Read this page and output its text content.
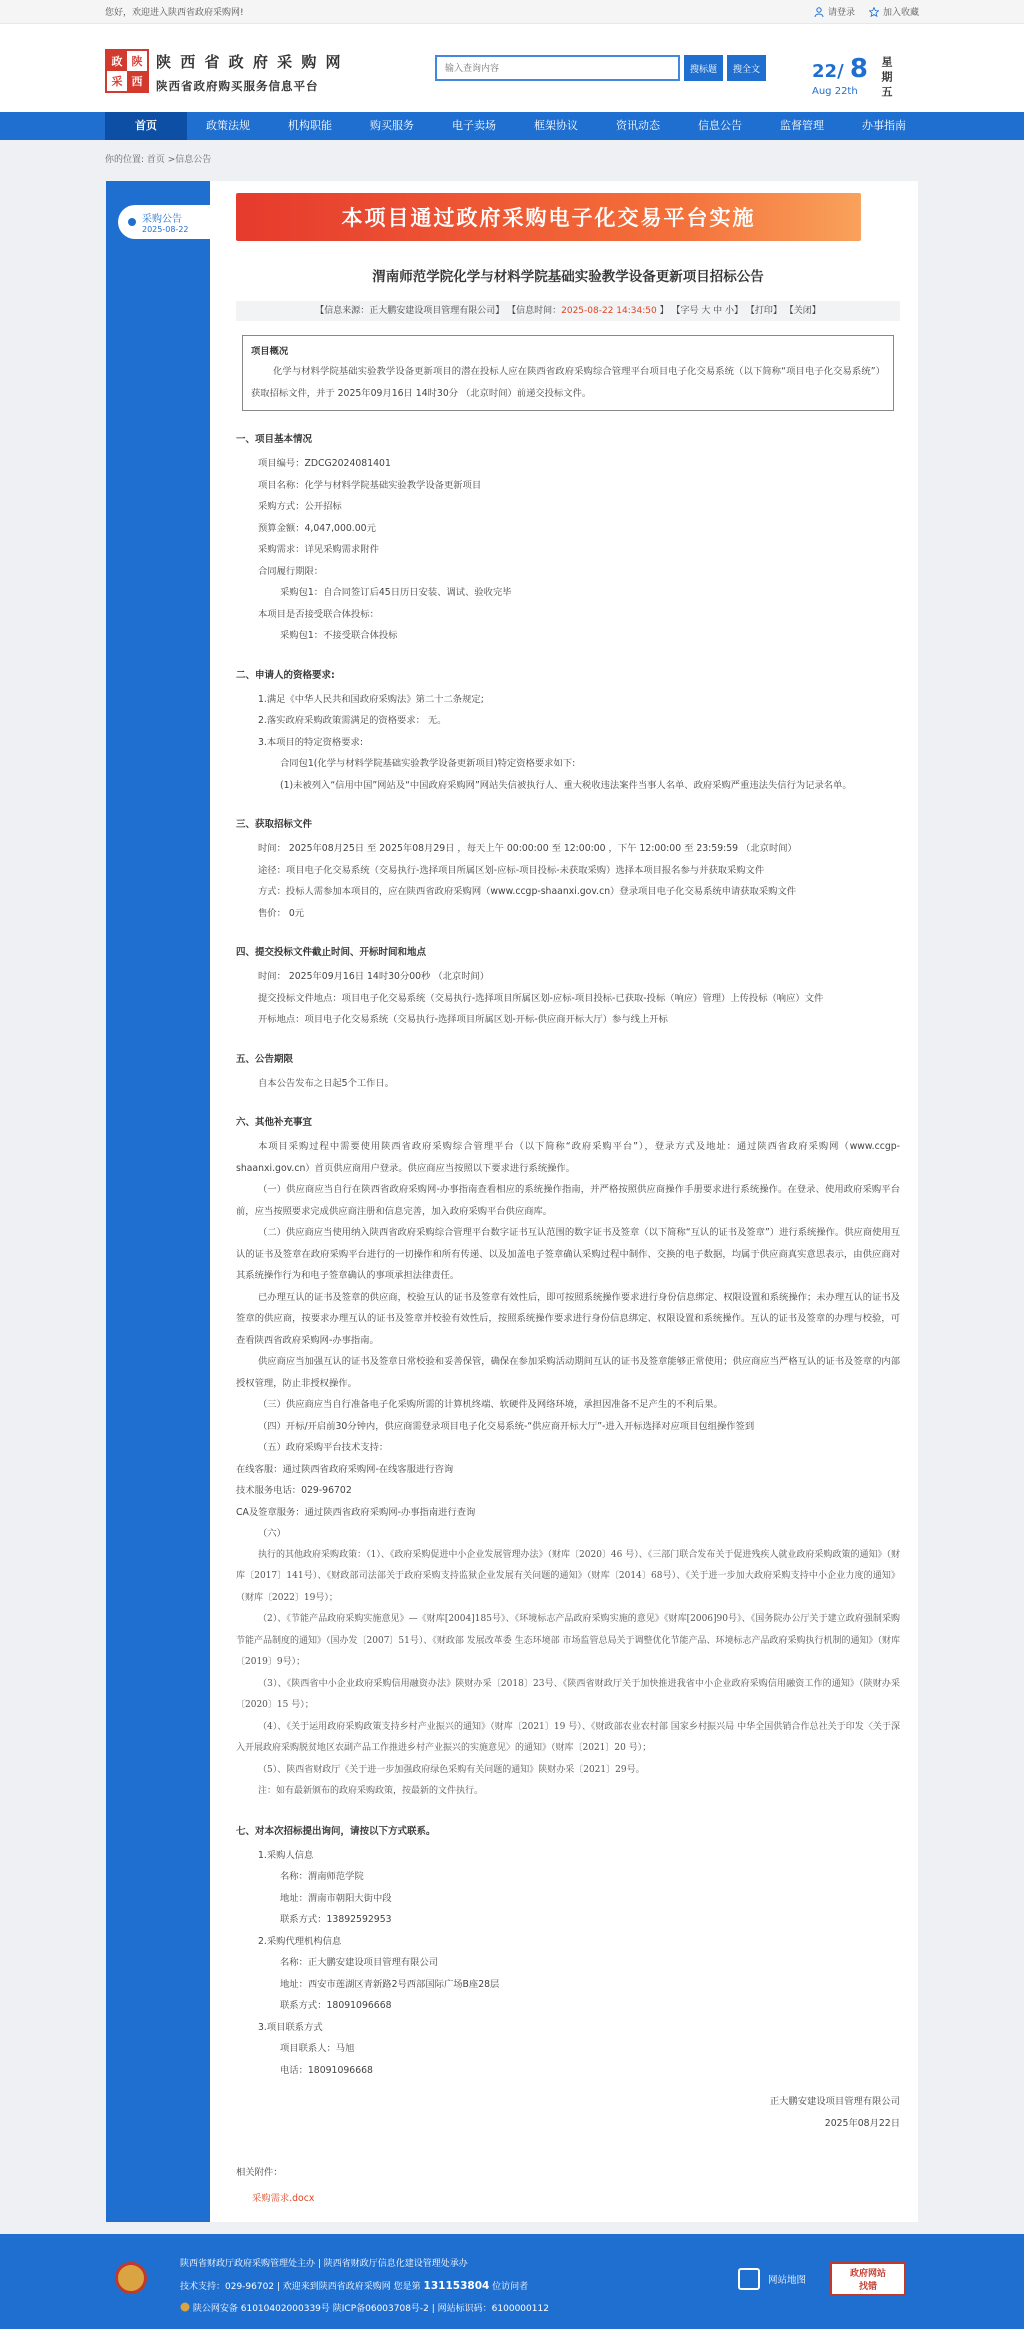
您好，欢迎进入陕西省政府采购网!	请登录	加入收藏
政 陕
采 西
陕 西 省 政 府 采 购 网
陕西省政府购买服务信息平台
输入查询内容
搜标题	搜全文	22/ 8
Aug 22th	星期五
首页	政策法规	机构职能	购买服务	电子卖场	框架协议	资讯动态	信息公告	监督管理	办事指南
你的位置: 首页 >信息公告
采购公告
2025-08-22	本项目通过政府采购电子化交易平台实施
渭南师范学院化学与材料学院基础实验教学设备更新项目招标公告
【信息来源：正大鹏安建设项目管理有限公司】 【信息时间：2025-08-22 14:34:50 】 【字号 大 中 小】 【打印】 【关闭】
项目概况
化学与材料学院基础实验教学设备更新项目的潜在投标人应在陕西省政府采购综合管理平台项目电子化交易系统（以下简称“项目电子化交易系统”）获取招标文件，并于 2025年09月16日 14时30分 （北京时间）前递交投标文件。
一、项目基本情况
项目编号：ZDCG2024081401
项目名称：化学与材料学院基础实验教学设备更新项目
采购方式：公开招标
预算金额：4,047,000.00元
采购需求：详见采购需求附件
合同履行期限：
采购包1：自合同签订后45日历日安装、调试、验收完毕
本项目是否接受联合体投标：
采购包1：不接受联合体投标
二、申请人的资格要求:
1.满足《中华人民共和国政府采购法》第二十二条规定;
2.落实政府采购政策需满足的资格要求： 无。
3.本项目的特定资格要求:
合同包1(化学与材料学院基础实验教学设备更新项目)特定资格要求如下:
(1)未被列入“信用中国”网站及“中国政府采购网”网站失信被执行人、重大税收违法案件当事人名单、政府采购严重违法失信行为记录名单。
三、获取招标文件
时间： 2025年08月25日 至 2025年08月29日 ，每天上午 00:00:00 至 12:00:00 ，下午 12:00:00 至 23:59:59 （北京时间）
途径：项目电子化交易系统（交易执行-选择项目所属区划-应标-项目投标-未获取采购）选择本项目报名参与并获取采购文件
方式：投标人需参加本项目的，应在陕西省政府采购网（www.ccgp-shaanxi.gov.cn）登录项目电子化交易系统申请获取采购文件
售价： 0元
四、提交投标文件截止时间、开标时间和地点
时间： 2025年09月16日 14时30分00秒 （北京时间）
提交投标文件地点：项目电子化交易系统（交易执行-选择项目所属区划-应标-项目投标-已获取-投标（响应）管理）上传投标（响应）文件
开标地点：项目电子化交易系统（交易执行-选择项目所属区划-开标-供应商开标大厅）参与线上开标
五、公告期限
自本公告发布之日起5个工作日。
六、其他补充事宜
本项目采购过程中需要使用陕西省政府采购综合管理平台（以下简称“政府采购平台”），登录方式及地址：通过陕西省政府采购网（www.ccgp-shaanxi.gov.cn）首页供应商用户登录。供应商应当按照以下要求进行系统操作。
（一）供应商应当自行在陕西省政府采购网-办事指南查看相应的系统操作指南，并严格按照供应商操作手册要求进行系统操作。在登录、使用政府采购平台前，应当按照要求完成供应商注册和信息完善，加入政府采购平台供应商库。
（二）供应商应当使用纳入陕西省政府采购综合管理平台数字证书互认范围的数字证书及签章（以下简称“互认的证书及签章”）进行系统操作。供应商使用互认的证书及签章在政府采购平台进行的一切操作和所有传递、以及加盖电子签章确认采购过程中制作、交换的电子数据，均属于供应商真实意思表示，由供应商对其系统操作行为和电子签章确认的事项承担法律责任。
已办理互认的证书及签章的供应商，校验互认的证书及签章有效性后，即可按照系统操作要求进行身份信息绑定、权限设置和系统操作；未办理互认的证书及签章的供应商，按要求办理互认的证书及签章并校验有效性后，按照系统操作要求进行身份信息绑定、权限设置和系统操作。互认的证书及签章的办理与校验，可查看陕西省政府采购网-办事指南。
供应商应当加强互认的证书及签章日常校验和妥善保管，确保在参加采购活动期间互认的证书及签章能够正常使用；供应商应当严格互认的证书及签章的内部授权管理，防止非授权操作。
（三）供应商应当自行准备电子化采购所需的计算机终端、软硬件及网络环境，承担因准备不足产生的不利后果。
（四）开标/开启前30分钟内，供应商需登录项目电子化交易系统-“供应商开标大厅”-进入开标选择对应项目包组操作签到
（五）政府采购平台技术支持：
在线客服：通过陕西省政府采购网-在线客服进行咨询
技术服务电话：029-96702
CA及签章服务：通过陕西省政府采购网-办事指南进行查询
（六）
执行的其他政府采购政策：（1）、《政府采购促进中小企业发展管理办法》（财库〔2020〕46 号）、《三部门联合发布关于促进残疾人就业政府采购政策的通知》（财库〔2017〕141号）、《财政部司法部关于政府采购支持监狱企业发展有关问题的通知》（财库〔2014〕68号）、《关于进一步加大政府采购支持中小企业力度的通知》（财库〔2022〕19号）；
（2）、《节能产品政府采购实施意见》—《财库[2004]185号》、《环境标志产品政府采购实施的意见》《财库[2006]90号》、《国务院办公厅关于建立政府强制采购节能产品制度的通知》（国办发〔2007〕51号）、《财政部 发展改革委 生态环境部 市场监管总局关于调整优化节能产品、环境标志产品政府采购执行机制的通知》（财库〔2019〕9号）；
（3）、《陕西省中小企业政府采购信用融资办法》陕财办采〔2018〕23号、《陕西省财政厅关于加快推进我省中小企业政府采购信用融资工作的通知》（陕财办采〔2020〕15 号）；
（4）、《关于运用政府采购政策支持乡村产业振兴的通知》（财库〔2021〕19 号）、《财政部农业农村部 国家乡村振兴局 中华全国供销合作总社关于印发〈关于深入开展政府采购脱贫地区农副产品工作推进乡村产业振兴的实施意见〉的通知》（财库〔2021〕20 号）；
（5）、陕西省财政厅《关于进一步加强政府绿色采购有关问题的通知》陕财办采〔2021〕29号。
注：如有最新颁布的政府采购政策，按最新的文件执行。
七、对本次招标提出询问，请按以下方式联系。
1.采购人信息
名称：渭南师范学院
地址：渭南市朝阳大街中段
联系方式：13892592953
2.采购代理机构信息
名称：正大鹏安建设项目管理有限公司
地址：西安市莲湖区青新路2号西部国际广场B座28层
联系方式：18091096668
3.项目联系方式
项目联系人：马旭
电话：18091096668
正大鹏安建设项目管理有限公司
2025年08月22日
相关附件：
采购需求.docx
陕西省财政厅政府采购管理处主办 | 陕西省财政厅信息化建设管理处承办
技术支持：029-96702 | 欢迎来到陕西省政府采购网 您是第 131153804 位访问者
陕公网安备 61010402000339号 陕ICP备06003708号-2 | 网站标识码：6100000112
网站地图
政府网站
找错
